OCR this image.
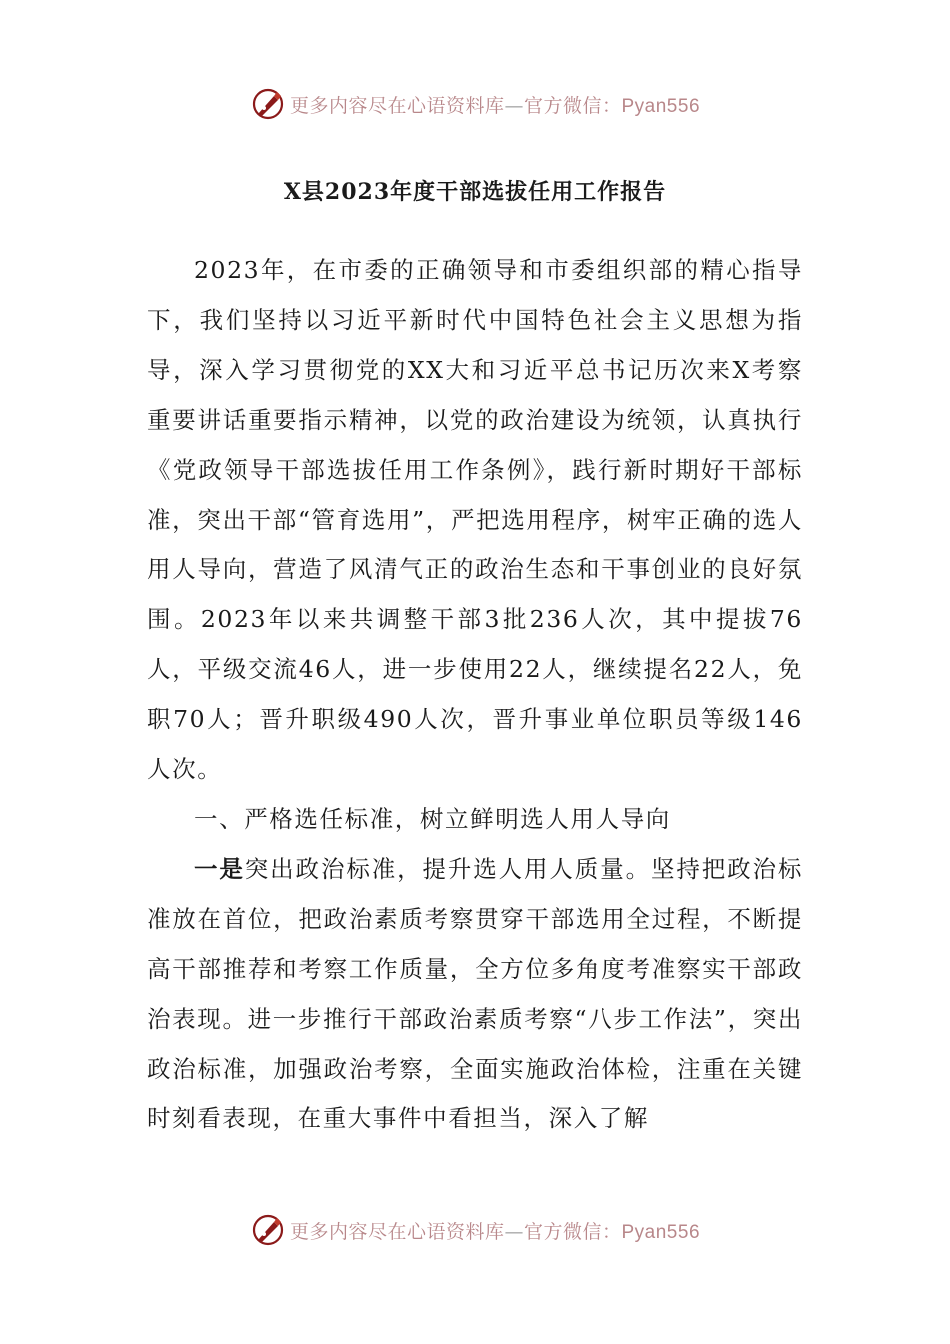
更多内容尽在心语资料库—官方微信：Pyan556
X县2023年度干部选拔任用工作报告

2023年，在市委的正确领导和市委组织部的精心指导下，我们坚持以习近平新时代中国特色社会主义思想为指导，深入学习贯彻党的XX大和习近平总书记历次来X考察重要讲话重要指示精神，以党的政治建设为统领，认真执行《党政领导干部选拔任用工作条例》，践行新时期好干部标准，突出干部“管育选用”，严把选用程序，树牢正确的选人用人导向，营造了风清气正的政治生态和干事创业的良好氛围。2023年以来共调整干部3批236人次，其中提拔76人，平级交流46人，进一步使用22人，继续提名22人，免职70人；晋升职级490人次，晋升事业单位职员等级146人次。

一、严格选任标准，树立鲜明选人用人导向

一是突出政治标准，提升选人用人质量。坚持把政治标准放在首位，把政治素质考察贯穿干部选用全过程，不断提高干部推荐和考察工作质量，全方位多角度考准察实干部政治表现。进一步推行干部政治素质考察“八步工作法”，突出政治标准，加强政治考察，全面实施政治体检，注重在关键时刻看表现，在重大事件中看担当，深入了解

更多内容尽在心语资料库—官方微信：Pyan556
